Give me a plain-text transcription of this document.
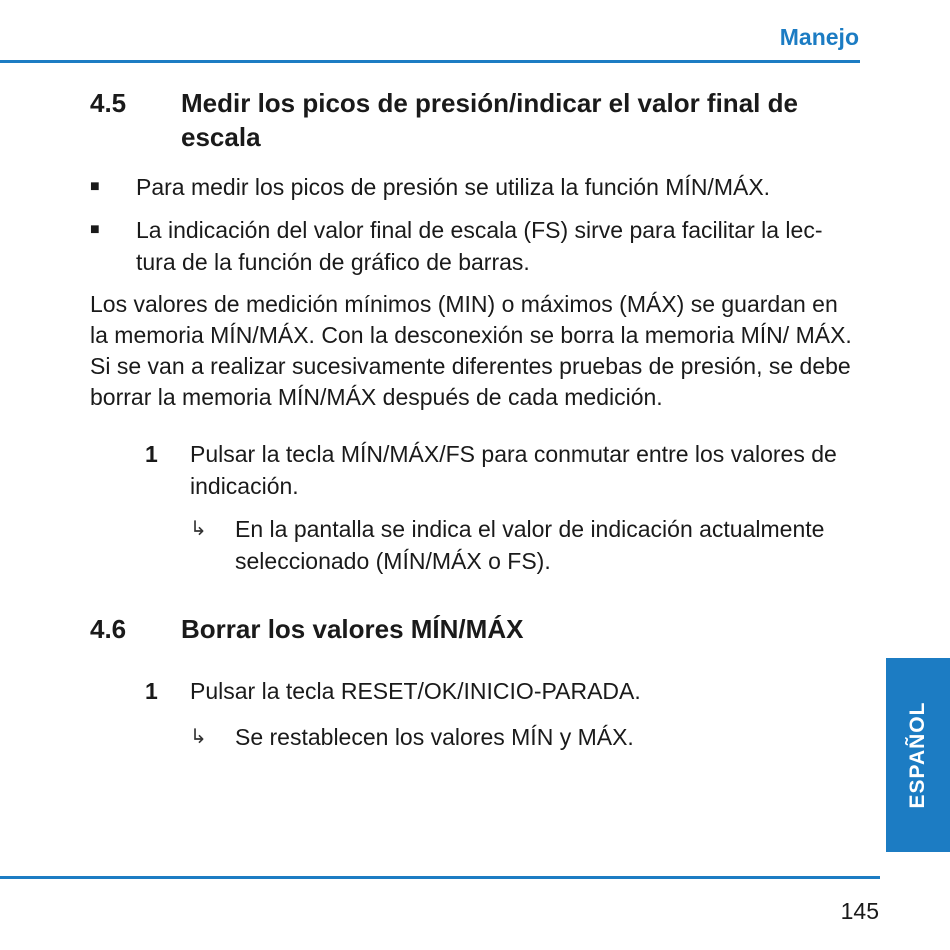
Manejo
4.5 Medir los picos de presión/indicar el valor final de escala
■ Para medir los picos de presión se utiliza la función MÍN/MÁX.
■ La indicación del valor final de escala (FS) sirve para facilitar la lec-tura de la función de gráfico de barras.
Los valores de medición mínimos (MIN) o máximos (MÁX) se guardan en la memoria MÍN/MÁX. Con la desconexión se borra la memoria MÍN/ MÁX. Si se van a realizar sucesivamente diferentes pruebas de presión, se debe borrar la memoria MÍN/MÁX después de cada medición.
1 Pulsar la tecla MÍN/MÁX/FS para conmutar entre los valores de indicación.
↳ En la pantalla se indica el valor de indicación actualmente seleccionado (MÍN/MÁX o FS).
4.6 Borrar los valores MÍN/MÁX
1 Pulsar la tecla RESET/OK/INICIO-PARADA.
↳ Se restablecen los valores MÍN y MÁX.	ESPAÑOL
145
